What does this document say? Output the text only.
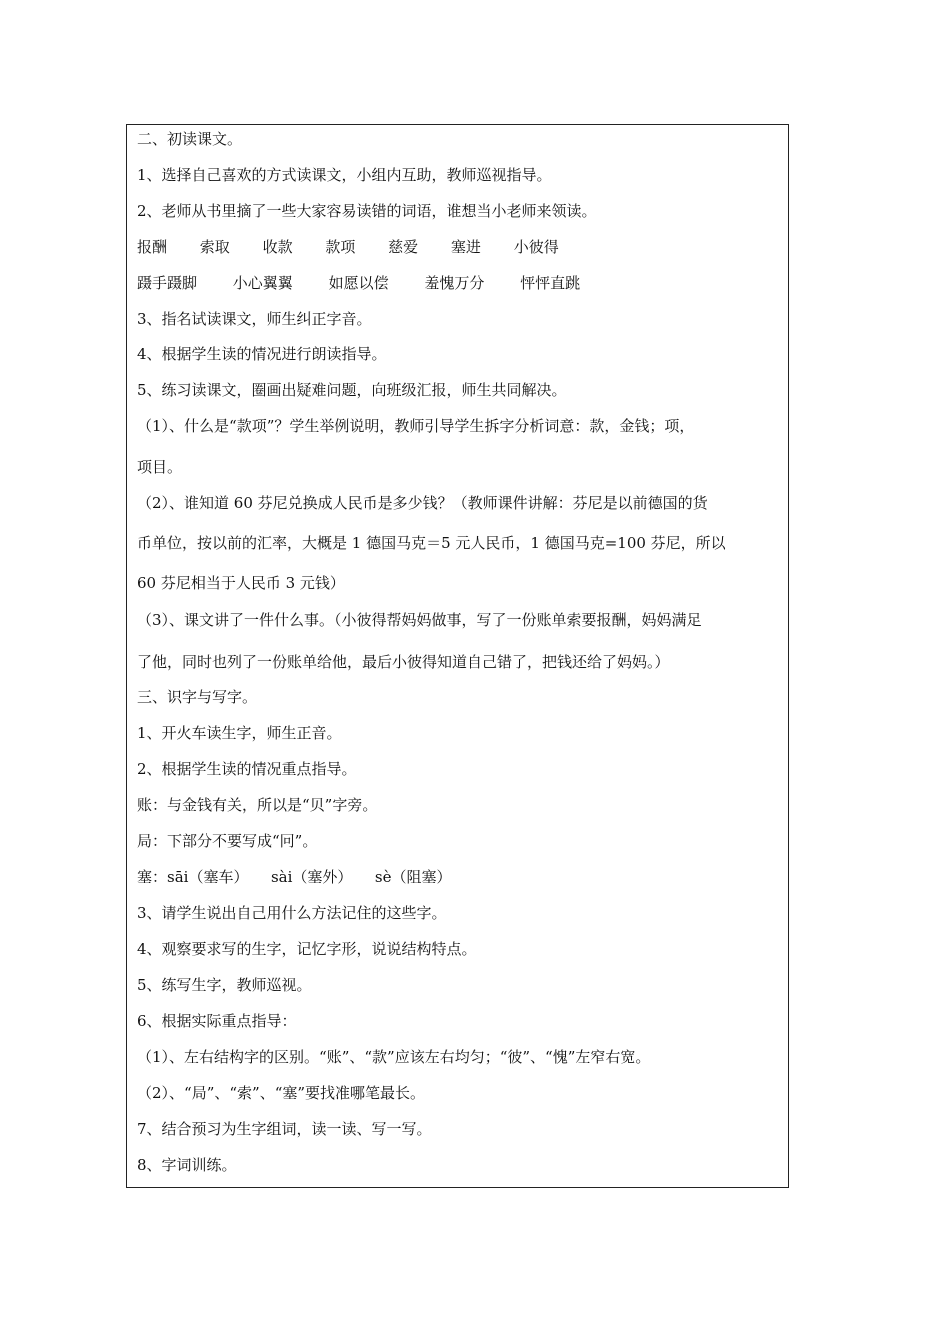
二、初读课文。
1、选择自己喜欢的方式读课文，小组内互助，教师巡视指导。
2、老师从书里摘了一些大家容易读错的词语，谁想当小老师来领读。
报酬 索取 收款 款项 慈爱 塞进 小彼得
蹑手蹑脚 小心翼翼 如愿以偿 羞愧万分 怦怦直跳
3、指名试读课文，师生纠正字音。
4、根据学生读的情况进行朗读指导。
5、练习读课文，圈画出疑难问题，向班级汇报，师生共同解决。
（1）、什么是“款项”？学生举例说明，教师引导学生拆字分析词意：款，金钱；项，
项目。
（2）、谁知道 60 芬尼兑换成人民币是多少钱？（教师课件讲解：芬尼是以前德国的货
币单位，按以前的汇率，大概是 1 德国马克＝5 元人民币，1 德国马克=100 芬尼，所以
60 芬尼相当于人民币 3 元钱）
（3）、课文讲了一件什么事。（小彼得帮妈妈做事，写了一份账单索要报酬，妈妈满足
了他，同时也列了一份账单给他，最后小彼得知道自己错了，把钱还给了妈妈。）
三、识字与写字。
1、开火车读生字，师生正音。
2、根据学生读的情况重点指导。
账：与金钱有关，所以是“贝”字旁。
局：下部分不要写成“冋”。
塞：sāi（塞车）　　sài（塞外）　　sè（阻塞）
3、请学生说出自己用什么方法记住的这些字。
4、观察要求写的生字，记忆字形，说说结构特点。
5、练写生字，教师巡视。
6、根据实际重点指导：
（1）、左右结构字的区别。“账”、“款”应该左右均匀；“彼”、“愧”左窄右宽。
（2）、“局”、“索”、“塞”要找准哪笔最长。
7、结合预习为生字组词，读一读、写一写。
8、字词训练。
